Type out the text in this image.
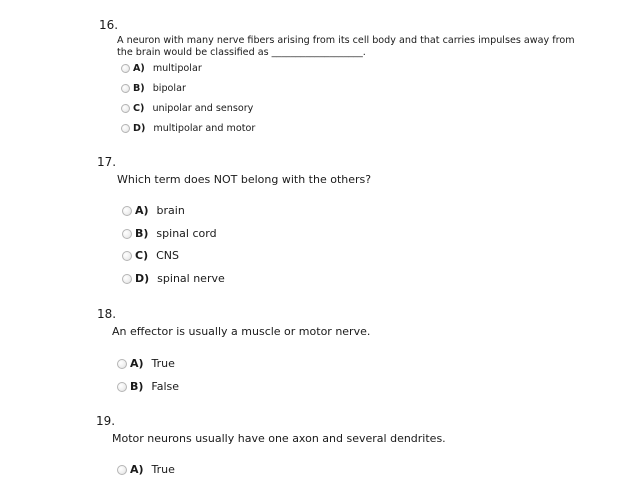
16.
A neuron with many nerve fibers arising from its cell body and that carries impulses away from
the brain would be classified as ___________________.
A) multipolar
B) bipolar
C) unipolar and sensory
D) multipolar and motor
17.
Which term does NOT belong with the others?
A) brain
B) spinal cord
C) CNS
D) spinal nerve
18.
An effector is usually a muscle or motor nerve.
A) True
B) False
19.
Motor neurons usually have one axon and several dendrites.
A) True
